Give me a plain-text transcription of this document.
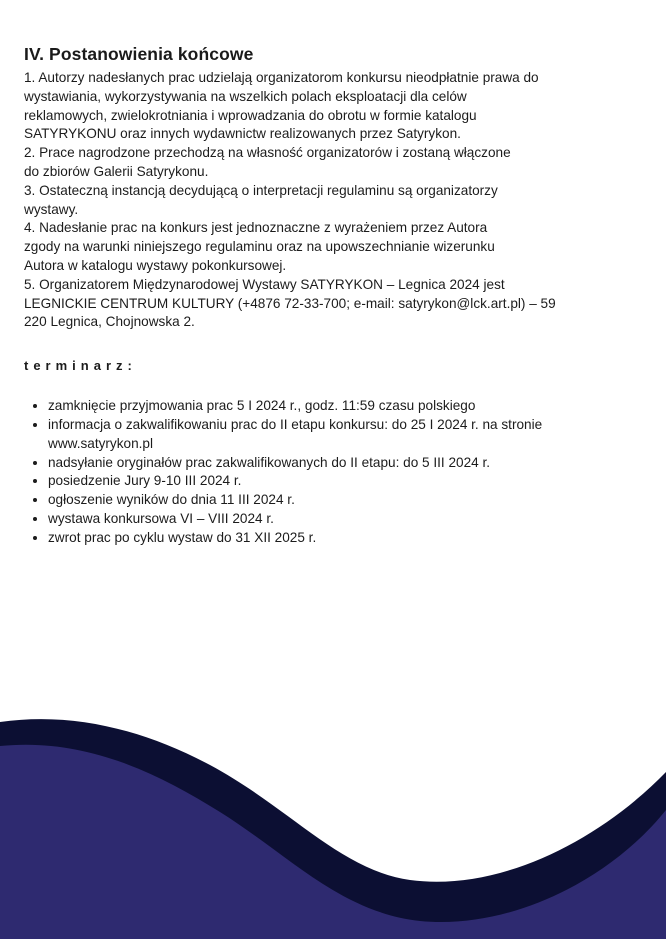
IV. Postanowienia końcowe

1. Autorzy nadesłanych prac udzielają organizatorom konkursu nieodpłatnie prawa do
wystawiania, wykorzystywania na wszelkich polach eksploatacji dla celów
reklamowych, zwielokrotniania i wprowadzania do obrotu w formie katalogu
SATYRYKONU oraz innych wydawnictw realizowanych przez Satyrykon.

2. Prace nagrodzone przechodzą na własność organizatorów i zostaną włączone
do zbiorów Galerii Satyrykonu.

3. Ostateczną instancją decydującą o interpretacji regulaminu są organizatorzy
wystawy.

4. Nadesłanie prac na konkurs jest jednoznaczne z wyrażeniem przez Autora
zgody na warunki niniejszego regulaminu oraz na upowszechnianie wizerunku
Autora w katalogu wystawy pokonkursowej.

5. Organizatorem Międzynarodowej Wystawy SATYRYKON – Legnica 2024 jest
LEGNICKIE CENTRUM KULTURY (+4876 72-33-700; e-mail: satyrykon@lck.art.pl) – 59
220 Legnica, Chojnowska 2.

terminarz:
• zamknięcie przyjmowania prac 5 I 2024 r., godz. 11:59 czasu polskiego
• informacja o zakwalifikowaniu prac do II etapu konkursu: do 25 I 2024 r. na stronie
www.satyrykon.pl
• nadsyłanie oryginałów prac zakwalifikowanych do II etapu: do 5 III 2024 r.
• posiedzenie Jury 9-10 III 2024 r.
• ogłoszenie wyników do dnia 11 III 2024 r.
• wystawa konkursowa VI – VIII 2024 r.
• zwrot prac po cyklu wystaw do 31 XII 2025 r.
